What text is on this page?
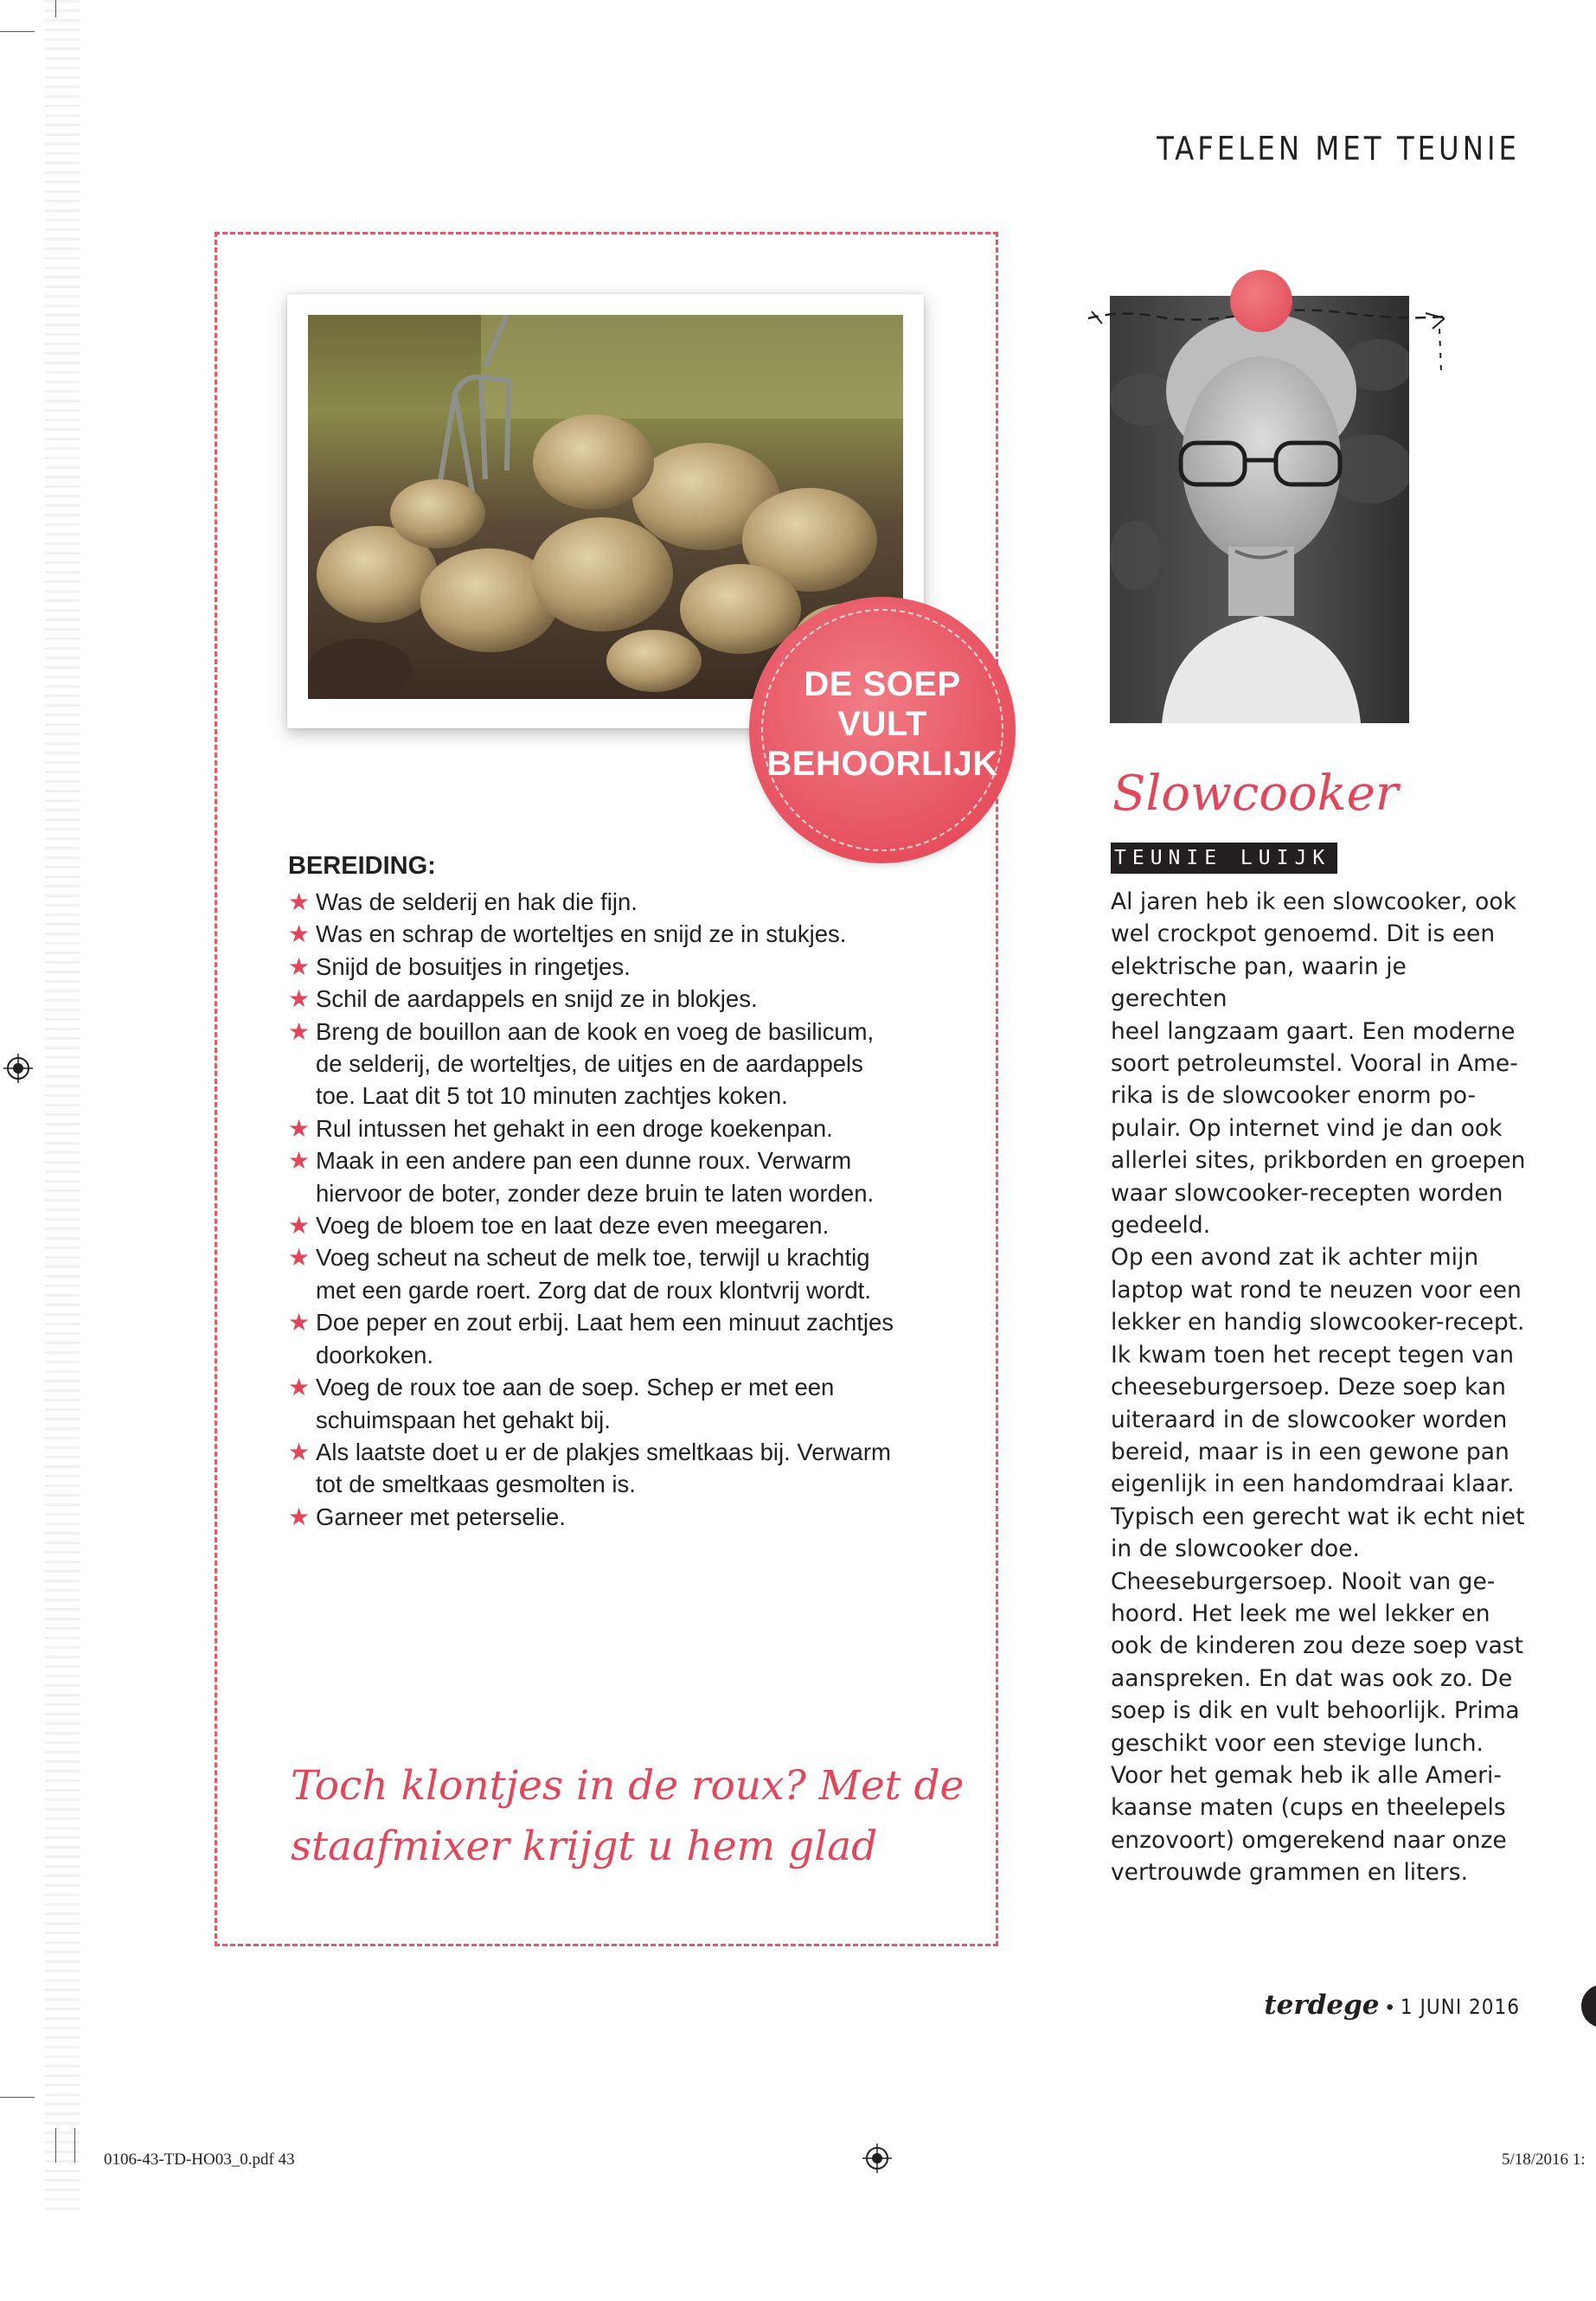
TAFELEN MET TEUNIE
DE SOEP
VULT
BEHOORLIJK
BEREIDING:
★ Was de selderij en hak die fijn.
★ Was en schrap de worteltjes en snijd ze in stukjes.
★ Snijd de bosuitjes in ringetjes.
★ Schil de aardappels en snijd ze in blokjes.
★ Breng de bouillon aan de kook en voeg de basilicum,
de selderij, de worteltjes, de uitjes en de aardappels
toe. Laat dit 5 tot 10 minuten zachtjes koken.
★ Rul intussen het gehakt in een droge koekenpan.
★ Maak in een andere pan een dunne roux. Verwarm
hiervoor de boter, zonder deze bruin te laten worden.
★ Voeg de bloem toe en laat deze even meegaren.
★ Voeg scheut na scheut de melk toe, terwijl u krachtig
met een garde roert. Zorg dat de roux klontvrij wordt.
★ Doe peper en zout erbij. Laat hem een minuut zachtjes
doorkoken.
★ Voeg de roux toe aan de soep. Schep er met een
schuimspaan het gehakt bij.
★ Als laatste doet u er de plakjes smeltkaas bij. Verwarm
tot de smeltkaas gesmolten is.
★ Garneer met peterselie.
Toch klontjes in de roux? Met de
staafmixer krijgt u hem glad
Slowcooker
TEUNIE LUIJK

Al jaren heb ik een slowcooker, ook

wel crockpot genoemd. Dit is een

elektrische pan, waarin je gerechten

heel langzaam gaart. Een moderne

soort petroleumstel. Vooral in Ame-

rika is de slowcooker enorm po-

pulair. Op internet vind je dan ook

allerlei sites, prikborden en groepen

waar slowcooker-recepten worden

gedeeld.

Op een avond zat ik achter mijn

laptop wat rond te neuzen voor een

lekker en handig slowcooker-recept.

Ik kwam toen het recept tegen van

cheeseburgersoep. Deze soep kan

uiteraard in de slowcooker worden

bereid, maar is in een gewone pan

eigenlijk in een handomdraai klaar.

Typisch een gerecht wat ik echt niet

in de slowcooker doe.

Cheeseburgersoep. Nooit van ge-

hoord. Het leek me wel lekker en

ook de kinderen zou deze soep vast

aanspreken. En dat was ook zo. De

soep is dik en vult behoorlijk. Prima

geschikt voor een stevige lunch.

Voor het gemak heb ik alle Ameri-

kaanse maten (cups en theelepels

enzovoort) omgerekend naar onze

vertrouwde grammen en liters.

terdege • 1 JUNI 2016
0106-43-TD-HO03_0.pdf 43	5/18/2016 1:
